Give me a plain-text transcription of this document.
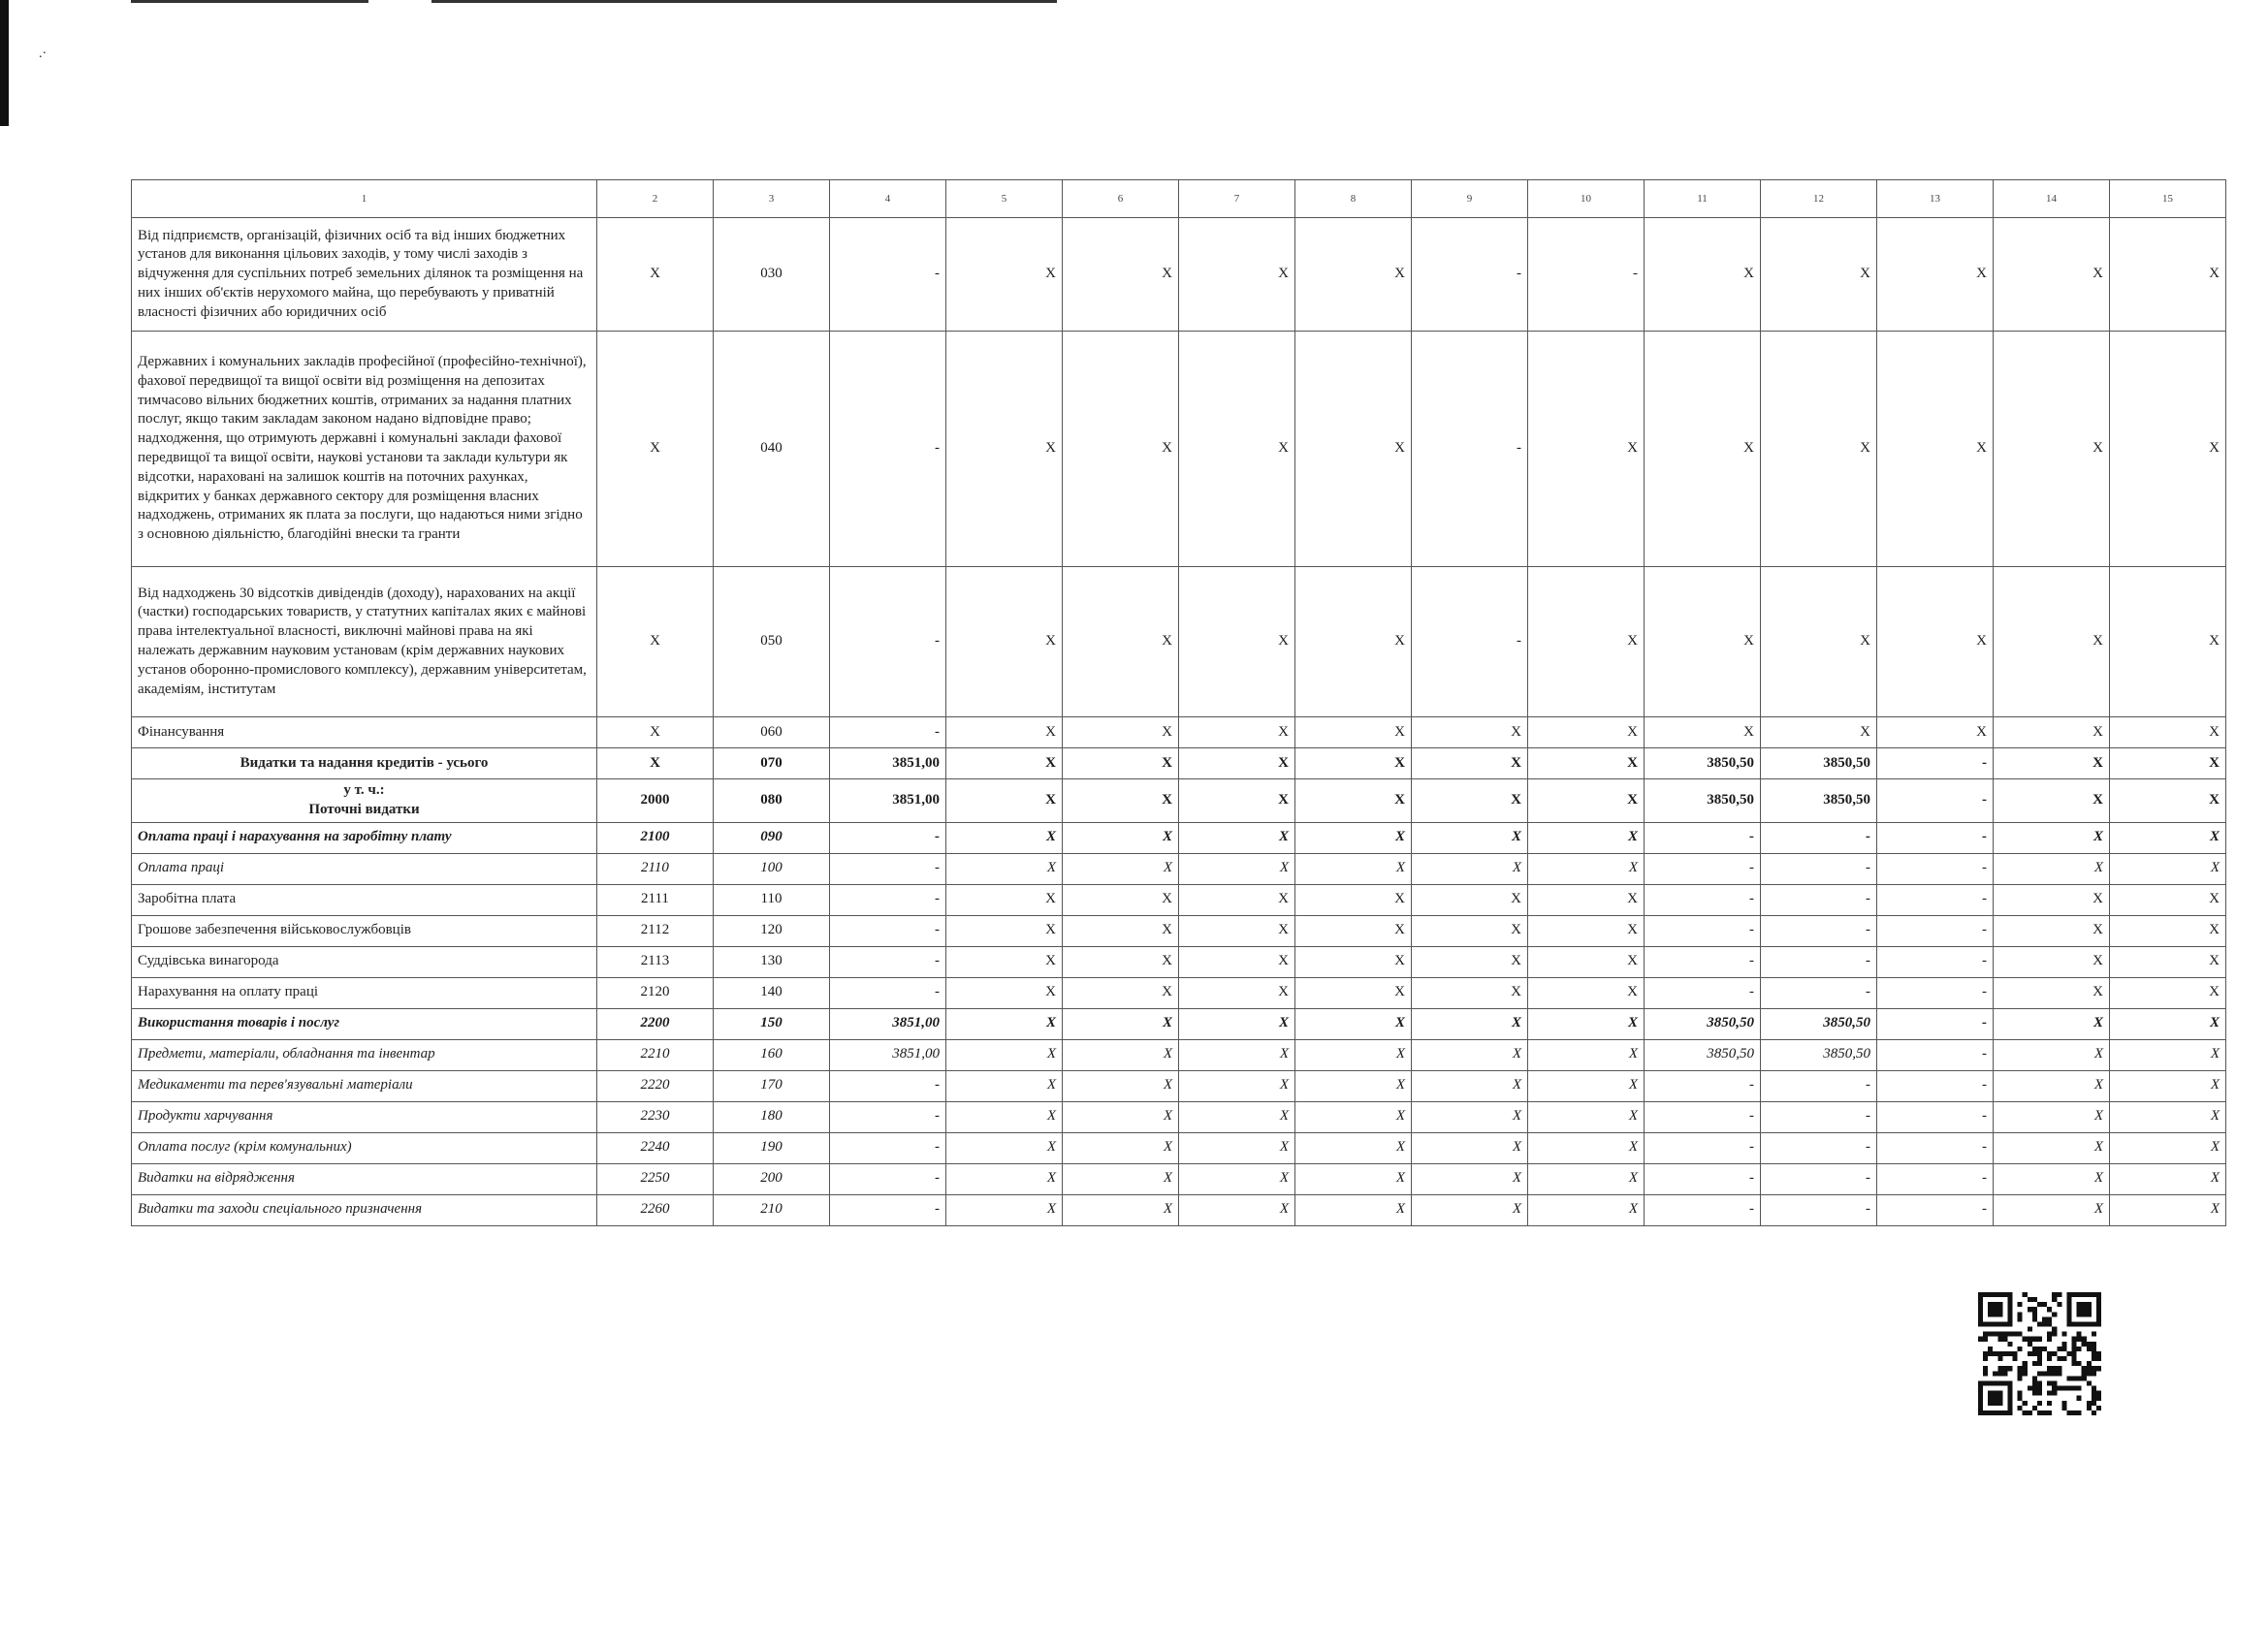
.·
1	2	3	4	5	6	7	8	9	10	11	12	13	14	15
Від підприємств, організацій, фізичних осіб та від інших бюджетних установ для виконання цільових заходів, у тому числі заходів з відчуження для суспільних потреб земельних ділянок та розміщення на них інших об'єктів нерухомого майна, що перебувають у приватній власності фізичних або юридичних осіб	X	030	-	X	X	X	X	-	-	X	X	X	X	X
Державних і комунальних закладів професійної (професійно-технічної), фахової передвищої та вищої освіти від розміщення на депозитах тимчасово вільних бюджетних коштів, отриманих за надання платних послуг, якщо таким закладам законом надано відповідне право; надходження, що отримують державні і комунальні заклади фахової передвищої та вищої освіти, наукові установи та заклади культури як відсотки, нараховані на залишок коштів на поточних рахунках, відкритих у банках державного сектору для розміщення власних надходжень, отриманих як плата за послуги, що надаються ними згідно з основною діяльністю, благодійні внески та гранти	X	040	-	X	X	X	X	-	X	X	X	X	X	X
Від надходжень 30 відсотків дивідендів (доходу), нарахованих на акції (частки) господарських товариств, у статутних капіталах яких є майнові права інтелектуальної власності, виключні майнові права на які належать державним науковим установам (крім державних наукових установ оборонно-промислового комплексу), державним університетам, академіям, інститутам	X	050	-	X	X	X	X	-	X	X	X	X	X	X
Фінансування	X	060	-	X	X	X	X	X	X	X	X	X	X	X
Видатки та надання кредитів - усього	X	070	3851,00	X	X	X	X	X	X	3850,50	3850,50	-	X	X

у т. ч.:
Поточні видатки	2000	080	3851,00	X	X	X	X	X	X	3850,50	3850,50	-	X	X
Оплата праці і нарахування на заробітну плату	2100	090	-	X	X	X	X	X	X	-	-	-	X	X
Оплата праці	2110	100	-	X	X	X	X	X	X	-	-	-	X	X
Заробітна плата	2111	110	-	X	X	X	X	X	X	-	-	-	X	X
Грошове забезпечення військовослужбовців	2112	120	-	X	X	X	X	X	X	-	-	-	X	X
Суддівська винагорода	2113	130	-	X	X	X	X	X	X	-	-	-	X	X
Нарахування на оплату праці	2120	140	-	X	X	X	X	X	X	-	-	-	X	X
Використання товарів і послуг	2200	150	3851,00	X	X	X	X	X	X	3850,50	3850,50	-	X	X
Предмети, матеріали, обладнання та інвентар	2210	160	3851,00	X	X	X	X	X	X	3850,50	3850,50	-	X	X
Медикаменти та перев'язувальні матеріали	2220	170	-	X	X	X	X	X	X	-	-	-	X	X
Продукти харчування	2230	180	-	X	X	X	X	X	X	-	-	-	X	X
Оплата послуг (крім комунальних)	2240	190	-	X	X	X	X	X	X	-	-	-	X	X
Видатки на відрядження	2250	200	-	X	X	X	X	X	X	-	-	-	X	X
Видатки та заходи спеціального призначення	2260	210	-	X	X	X	X	X	X	-	-	-	X	X
